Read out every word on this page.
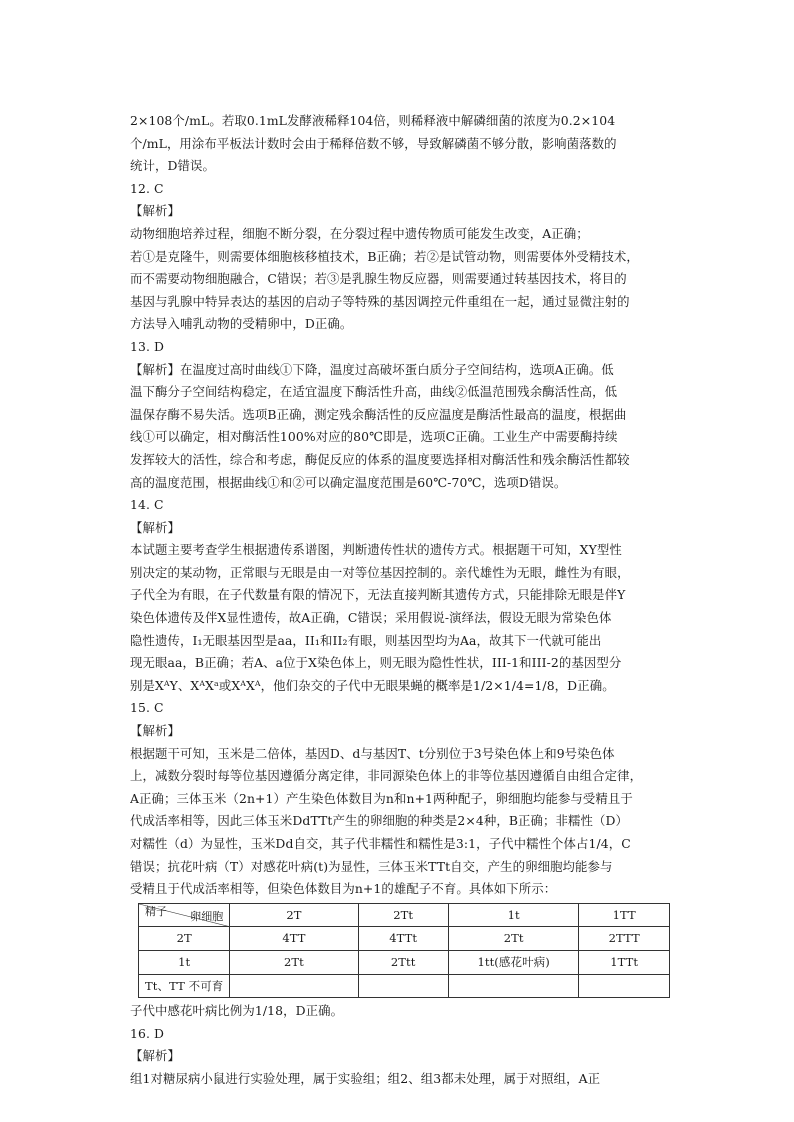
2×108个/mL。若取0.1mL发酵液稀释104倍，则稀释液中解磷细菌的浓度为0.2×104
个/mL，用涂布平板法计数时会由于稀释倍数不够，导致解磷菌不够分散，影响菌落数的
统计，D错误。
12. C
【解析】
动物细胞培养过程，细胞不断分裂，在分裂过程中遗传物质可能发生改变，A正确；
若①是克隆牛，则需要体细胞核移植技术，B正确；若②是试管动物，则需要体外受精技术，
而不需要动物细胞融合，C错误；若③是乳腺生物反应器，则需要通过转基因技术，将目的
基因与乳腺中特异表达的基因的启动子等特殊的基因调控元件重组在一起，通过显微注射的
方法导入哺乳动物的受精卵中，D正确。
13. D
【解析】在温度过高时曲线①下降，温度过高破坏蛋白质分子空间结构，选项A正确。低
温下酶分子空间结构稳定，在适宜温度下酶活性升高，曲线②低温范围残余酶活性高，低
温保存酶不易失活。选项B正确，测定残余酶活性的反应温度是酶活性最高的温度，根据曲
线①可以确定，相对酶活性100%对应的80℃即是，选项C正确。工业生产中需要酶持续
发挥较大的活性，综合和考虑，酶促反应的体系的温度要选择相对酶活性和残余酶活性都较
高的温度范围，根据曲线①和②可以确定温度范围是60℃-70℃，选项D错误。
14. C
【解析】
本试题主要考查学生根据遗传系谱图，判断遗传性状的遗传方式。根据题干可知，XY型性
别决定的某动物，正常眼与无眼是由一对等位基因控制的。亲代雄性为无眼，雌性为有眼，
子代全为有眼，在子代数量有限的情况下，无法直接判断其遗传方式，只能排除无眼是伴Y
染色体遗传及伴X显性遗传，故A正确，C错误；采用假说-演绎法，假设无眼为常染色体
隐性遗传，I₁无眼基因型是aa，II₁和II₂有眼，则基因型均为Aa，故其下一代就可能出
现无眼aa，B正确；若A、a位于X染色体上，则无眼为隐性性状，III-1和III-2的基因型分
别是XᴬY、XᴬXᵃ或XᴬXᴬ，他们杂交的子代中无眼果蝇的概率是1/2×1/4=1/8，D正确。
15. C
【解析】
根据题干可知，玉米是二倍体，基因D、d与基因T、t分别位于3号染色体上和9号染色体
上，减数分裂时每等位基因遵循分离定律，非同源染色体上的非等位基因遵循自由组合定律，
A正确；三体玉米（2n+1）产生染色体数目为n和n+1两种配子，卵细胞均能参与受精且于
代成活率相等，因此三体玉米DdTTt产生的卵细胞的种类是2×4种，B正确；非糯性（D）
对糯性（d）为显性，玉米Dd自交，其子代非糯性和糯性是3:1，子代中糯性个体占1/4，C
错误；抗花叶病（T）对感花叶病(t)为显性，三体玉米TTt自交，产生的卵细胞均能参与
受精且于代成活率相等，但染色体数目为n+1的雄配子不育。具体如下所示：
卵细胞
精子	2T	2Tt	1t	1TT
2T	4TT	4TTt	2Tt	2TTT
1t	2Tt	2Ttt	1tt(感花叶病)	1TTt
Tt、TT 不可育				
子代中感花叶病比例为1/18，D正确。
16. D
【解析】
组1对糖尿病小鼠进行实验处理，属于实验组；组2、组3都未处理，属于对照组，A正
